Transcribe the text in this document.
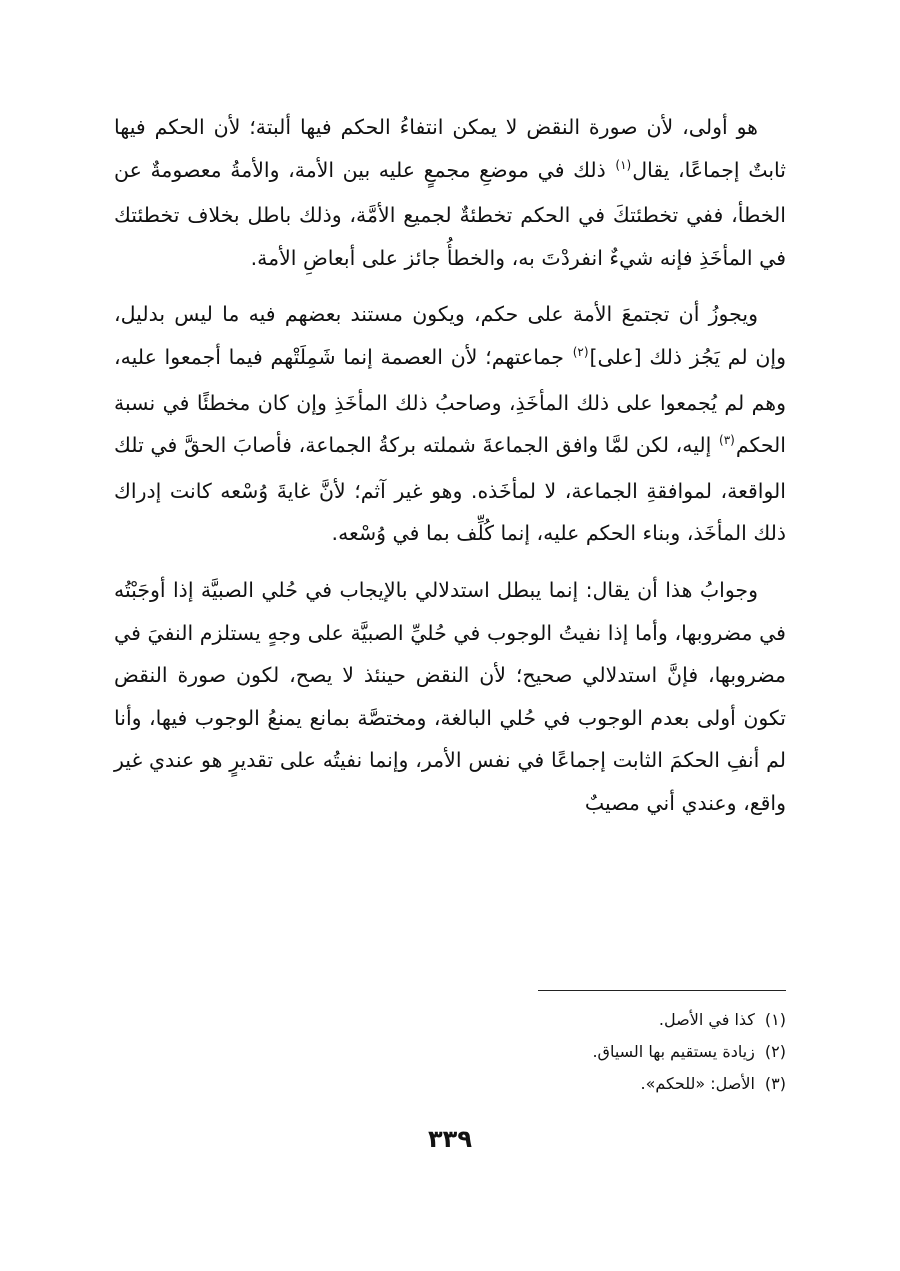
هو أولى، لأن صورة النقض لا يمكن انتفاءُ الحكم فيها ألبتة؛ لأن الحكم فيها ثابتٌ إجماعًا، يقال$^{(١)}$ ذلك في موضعِ مجمعٍ عليه بين الأمة، والأمةُ معصومةٌ عن الخطأ، ففي تخطئتكَ في الحكم تخطئةٌ لجميع الأمَّة، وذلك باطل بخلاف تخطئتك في المأخَذِ فإنه شيءٌ انفردْتَ به، والخطأُ جائز على أبعاضِ الأمة.

ويجوزُ أن تجتمعَ الأمة على حكم، ويكون مستند بعضهم فيه ما ليس بدليل، وإن لم يَجُز ذلك [على]$^{(٢)}$ جماعتهم؛ لأن العصمة إنما شَمِلَتْهم فيما أجمعوا عليه، وهم لم يُجمعوا على ذلك المأخَذِ، وصاحبُ ذلك المأخَذِ وإن كان مخطئًا في نسبة الحكم$^{(٣)}$ إليه، لكن لمَّا وافق الجماعةَ شملته بركةُ الجماعة، فأصابَ الحقَّ في تلك الواقعة، لموافقةِ الجماعة، لا لمأخَذه. وهو غير آثم؛ لأنَّ غايةَ وُسْعه كانت إدراك ذلك المأخَذ، وبناء الحكم عليه، إنما كُلِّف بما في وُسْعه.

وجوابُ هذا أن يقال: إنما يبطل استدلالي بالإيجاب في حُلي الصبيَّة إذا أوجَبْتُه في مضروبها، وأما إذا نفيتُ الوجوب في حُليِّ الصبيَّة على وجهٍ يستلزم النفيَ في مضروبها، فإنَّ استدلالي صحيح؛ لأن النقض حينئذ لا يصح، لكون صورة النقض تكون أولى بعدم الوجوب في حُلي البالغة، ومختصَّة بمانع يمنعُ الوجوب فيها، وأنا لم أنفِ الحكمَ الثابت إجماعًا في نفس الأمر، وإنما نفيتُه على تقديرٍ هو عندي غير واقع، وعندي أني مصيبٌ

(١)كذا في الأصل.
(٢)زيادة يستقيم بها السياق.
(٣)الأصل: «للحكم».
٣٣٩
